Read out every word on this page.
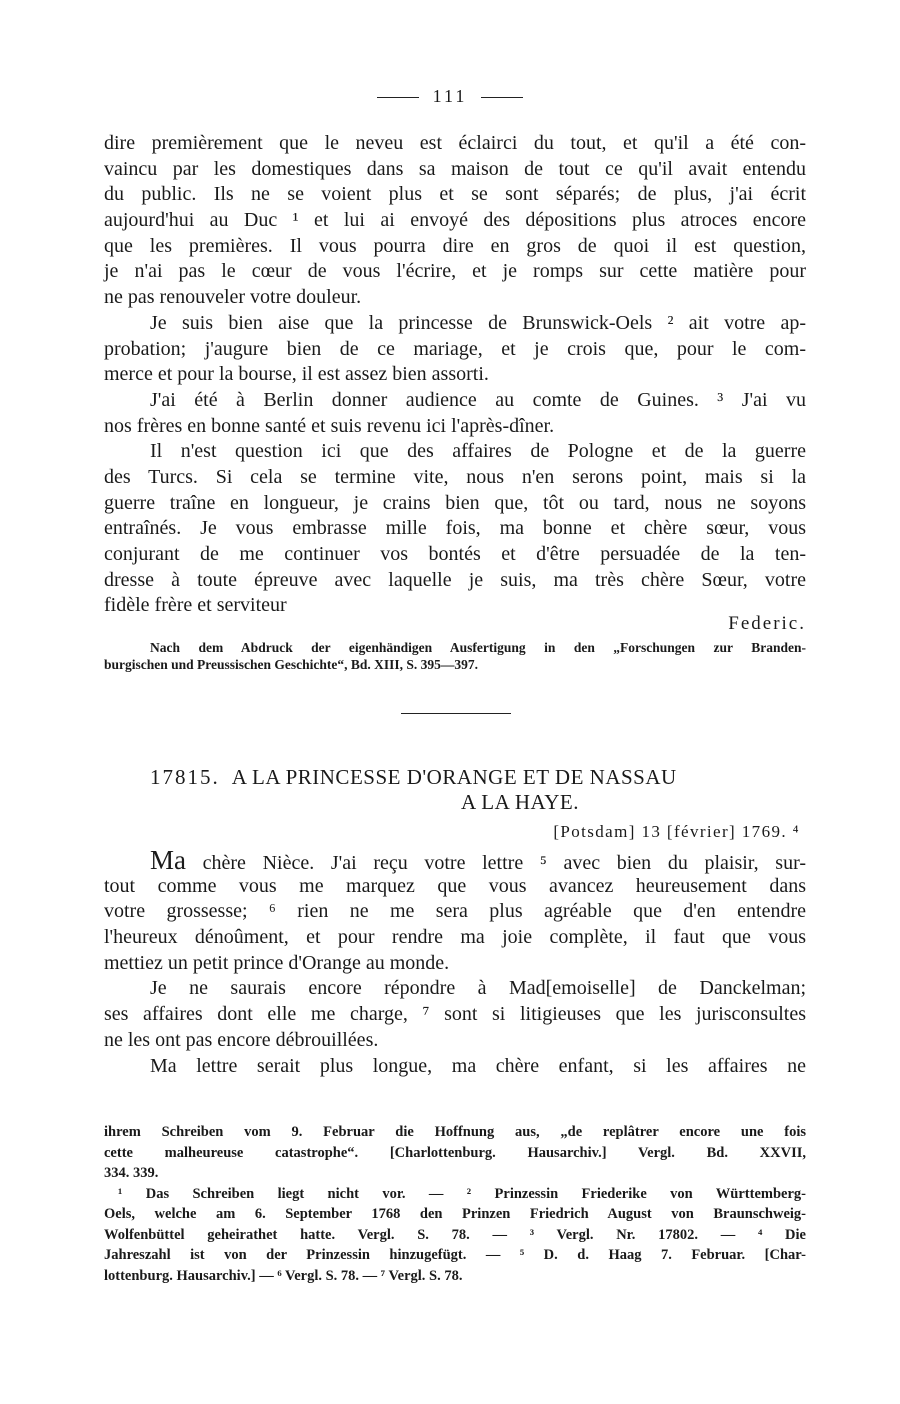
111
dire premièrement que le neveu est éclairci du tout, et qu'il a été con-
vaincu par les domestiques dans sa maison de tout ce qu'il avait entendu
du public. Ils ne se voient plus et se sont séparés; de plus, j'ai écrit
aujourd'hui au Duc ¹ et lui ai envoyé des dépositions plus atroces encore
que les premières. Il vous pourra dire en gros de quoi il est question,
je n'ai pas le cœur de vous l'écrire, et je romps sur cette matière pour
ne pas renouveler votre douleur.
Je suis bien aise que la princesse de Brunswick-Oels ² ait votre ap-
probation; j'augure bien de ce mariage, et je crois que, pour le com-
merce et pour la bourse, il est assez bien assorti.
J'ai été à Berlin donner audience au comte de Guines. ³ J'ai vu
nos frères en bonne santé et suis revenu ici l'après-dîner.
Il n'est question ici que des affaires de Pologne et de la guerre
des Turcs. Si cela se termine vite, nous n'en serons point, mais si la
guerre traîne en longueur, je crains bien que, tôt ou tard, nous ne soyons
entraînés. Je vous embrasse mille fois, ma bonne et chère sœur, vous
conjurant de me continuer vos bontés et d'être persuadée de la ten-
dresse à toute épreuve avec laquelle je suis, ma très chère Sœur, votre
fidèle frère et serviteur
Federic.
Nach dem Abdruck der eigenhändigen Ausfertigung in den „Forschungen zur Branden-
burgischen und Preussischen Geschichte“, Bd. XIII, S. 395—397.
17815. A LA PRINCESSE D'ORANGE ET DE NASSAU
A LA HAYE.
[Potsdam] 13 [février] 1769. ⁴
Ma chère Nièce. J'ai reçu votre lettre ⁵ avec bien du plaisir, sur-
tout comme vous me marquez que vous avancez heureusement dans
votre grossesse; ⁶ rien ne me sera plus agréable que d'en entendre
l'heureux dénoûment, et pour rendre ma joie complète, il faut que vous
mettiez un petit prince d'Orange au monde.
Je ne saurais encore répondre à Mad[emoiselle] de Danckelman;
ses affaires dont elle me charge, ⁷ sont si litigieuses que les jurisconsultes
ne les ont pas encore débrouillées.
Ma lettre serait plus longue, ma chère enfant, si les affaires ne
ihrem Schreiben vom 9. Februar die Hoffnung aus, „de replâtrer encore une fois
cette malheureuse catastrophe“. [Charlottenburg. Hausarchiv.] Vergl. Bd. XXVII,
334. 339.
¹ Das Schreiben liegt nicht vor. — ² Prinzessin Friederike von Württemberg-
Oels, welche am 6. September 1768 den Prinzen Friedrich August von Braunschweig-
Wolfenbüttel geheirathet hatte. Vergl. S. 78. — ³ Vergl. Nr. 17802. — ⁴ Die
Jahreszahl ist von der Prinzessin hinzugefügt. — ⁵ D. d. Haag 7. Februar. [Char-
lottenburg. Hausarchiv.] — ⁶ Vergl. S. 78. — ⁷ Vergl. S. 78.
